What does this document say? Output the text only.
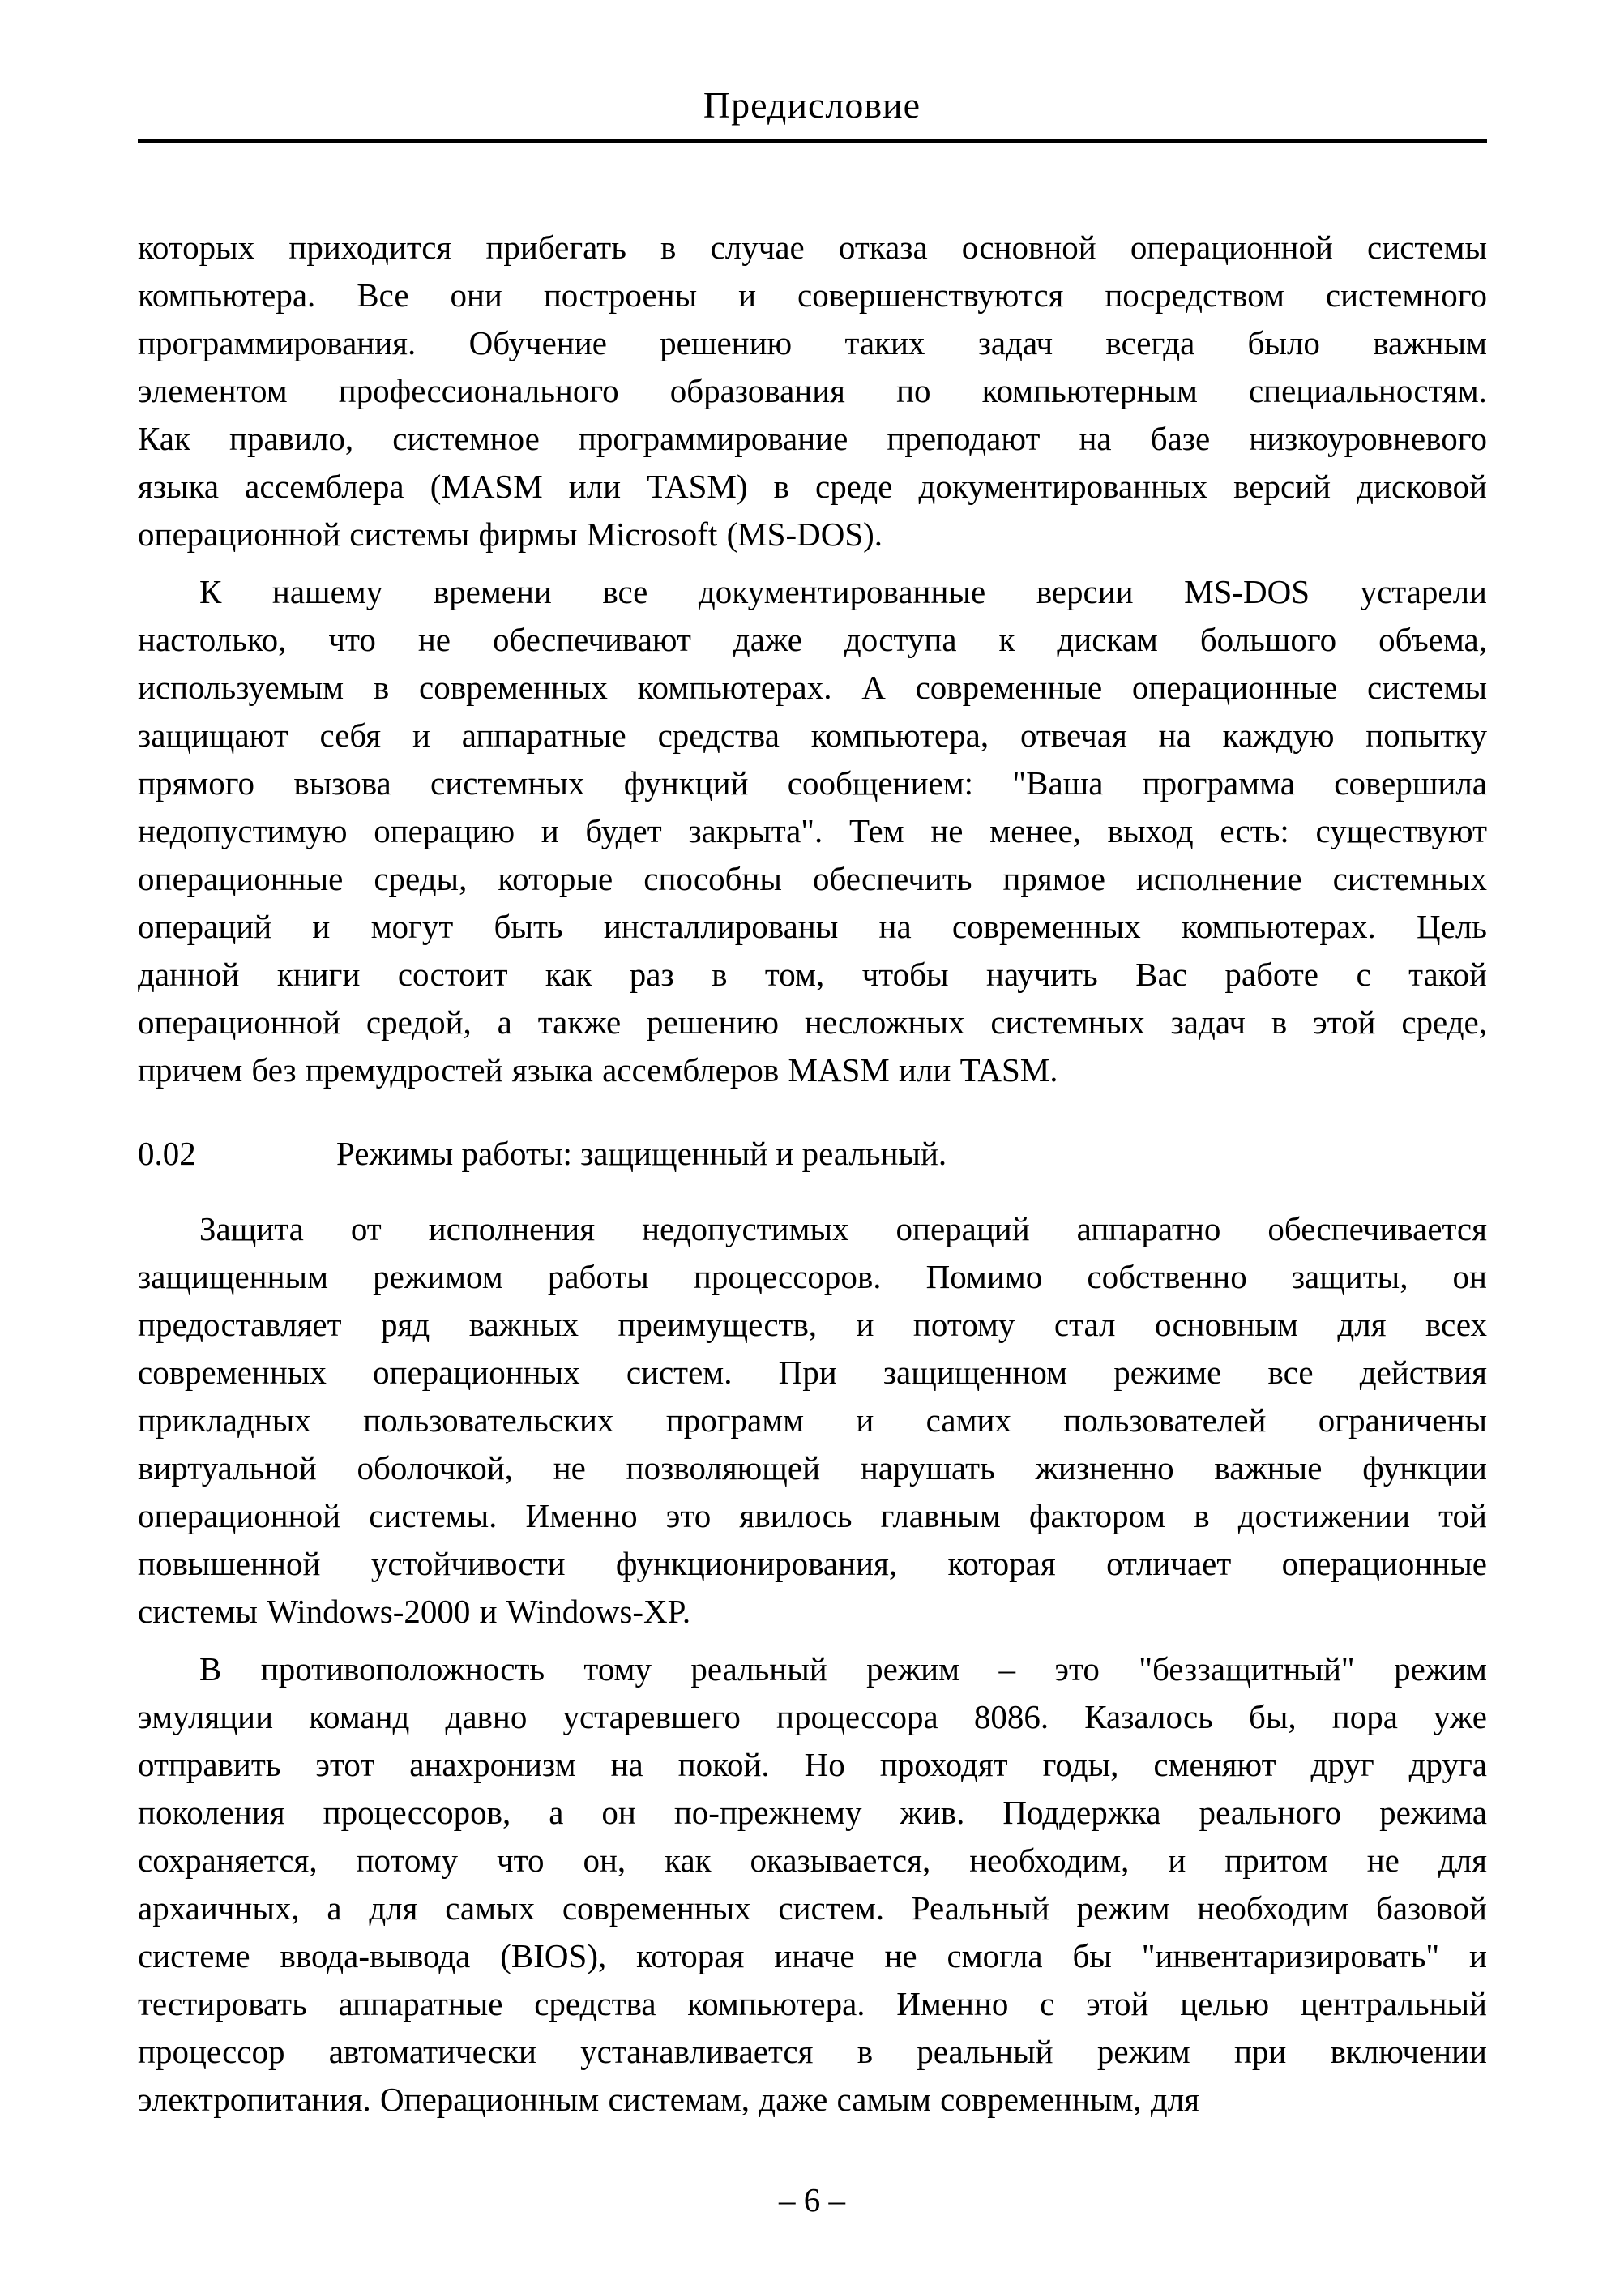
Предисловие
которых приходится прибегать в случае отказа основной операционной системы
компьютера. Все они построены и совершенствуются посредством системного
программирования. Обучение решению таких задач всегда было важным
элементом профессионального образования по компьютерным специальностям.
Как правило, системное программирование преподают на базе низкоуровневого
языка ассемблера (MASM или TASM) в среде документированных версий дисковой
операционной системы фирмы Microsoft (MS-DOS).
К нашему времени все документированные версии MS-DOS устарели
настолько, что не обеспечивают даже доступа к дискам большого объема,
используемым в современных компьютерах. А современные операционные системы
защищают себя и аппаратные средства компьютера, отвечая на каждую попытку
прямого вызова системных функций сообщением: "Ваша программа совершила
недопустимую операцию и будет закрыта". Тем не менее, выход есть: существуют
операционные среды, которые способны обеспечить прямое исполнение системных
операций и могут быть инсталлированы на современных компьютерах. Цель
данной книги состоит как раз в том, чтобы научить Вас работе с такой
операционной средой, а также решению несложных системных задач в этой среде,
причем без премудростей языка ассемблеров MASM или TASM.
0.02	Режимы работы: защищенный и реальный.
Защита от исполнения недопустимых операций аппаратно обеспечивается
защищенным режимом работы процессоров. Помимо собственно защиты, он
предоставляет ряд важных преимуществ, и потому стал основным для всех
современных операционных систем. При защищенном режиме все действия
прикладных пользовательских программ и самих пользователей ограничены
виртуальной оболочкой, не позволяющей нарушать жизненно важные функции
операционной системы. Именно это явилось главным фактором в достижении той
повышенной устойчивости функционирования, которая отличает операционные
системы Windows-2000 и Windows-XP.
В противоположность тому реальный режим – это "беззащитный" режим
эмуляции команд давно устаревшего процессора 8086. Казалось бы, пора уже
отправить этот анахронизм на покой. Но проходят годы, сменяют друг друга
поколения процессоров, а он по-прежнему жив. Поддержка реального режима
сохраняется, потому что он, как оказывается, необходим, и притом не для
архаичных, а для самых современных систем. Реальный режим необходим базовой
системе ввода-вывода (BIOS), которая иначе не смогла бы "инвентаризировать" и
тестировать аппаратные средства компьютера. Именно с этой целью центральный
процессор автоматически устанавливается в реальный режим при включении
электропитания. Операционным системам, даже самым современным, для
– 6 –
